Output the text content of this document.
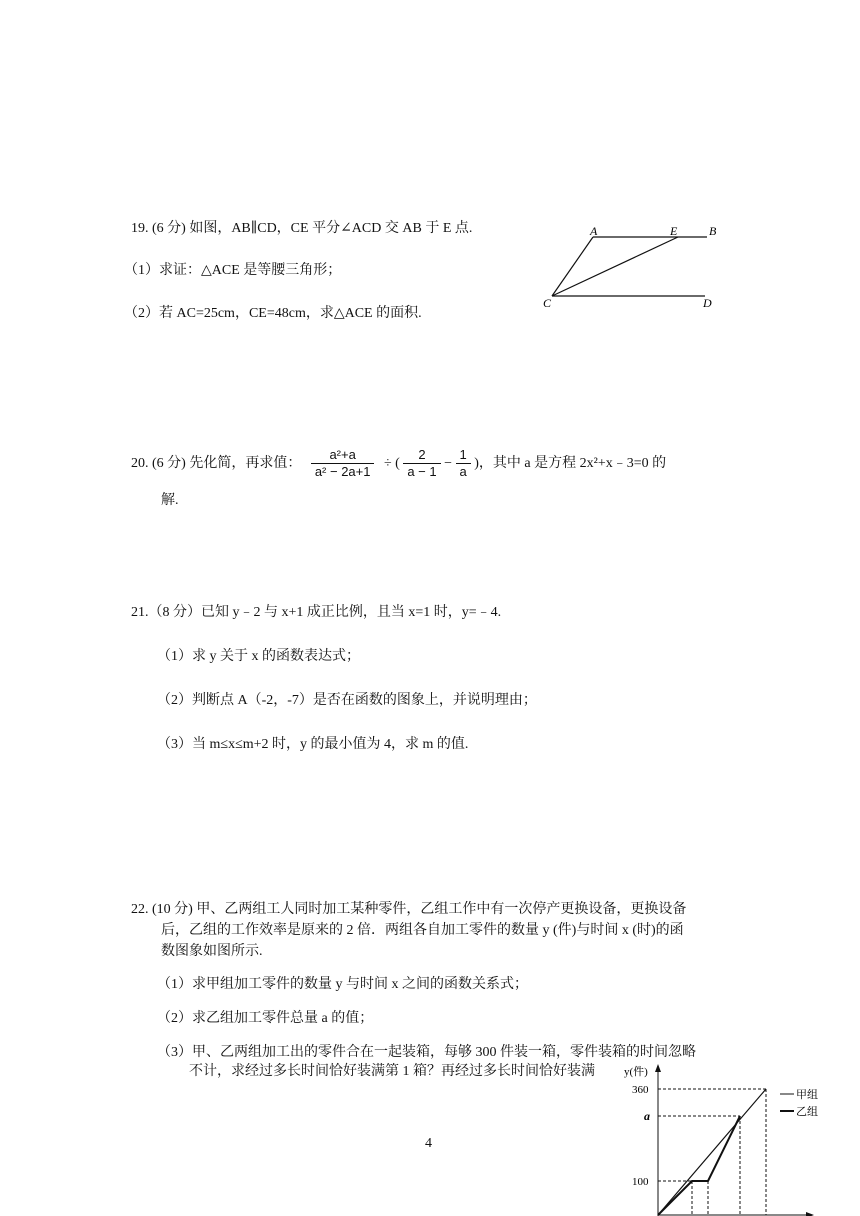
19. (6 分) 如图，AB∥CD，CE 平分∠ACD 交 AB 于 E 点.
（1）求证：△ACE 是等腰三角形；
（2）若 AC=25cm，CE=48cm，求△ACE 的面积.
A	E	B
C	D
20. (6 分) 先化简，再求值： $\frac{\text{a²+a}}{\text{a² − 2a+1}}$ ÷ ( $\frac{2}{a - 1} - \frac{1}{a}$ )，其中 a 是方程 2x²+x﹣3=0 的
解.
21.（8 分）已知 y﹣2 与 x+1 成正比例，且当 x=1 时，y=﹣4.
（1）求 y 关于 x 的函数表达式；
（2）判断点 A（-2，-7）是否在函数的图象上，并说明理由；
（3）当 m≤x≤m+2 时，y 的最小值为 4，求 m 的值.
22. (10 分) 甲、乙两组工人同时加工某种零件，乙组工作中有一次停产更换设备，更换设备
后，乙组的工作效率是原来的 2 倍．两组各自加工零件的数量 y (件)与时间 x (时)的函
数图象如图所示.
（1）求甲组加工零件的数量 y 与时间 x 之间的函数关系式；
（2）求乙组加工零件总量 a 的值；
（3）甲、乙两组加工出的零件合在一起装箱，每够 300 件装一箱，零件装箱的时间忽略
不计，求经过多长时间恰好装满第 1 箱？再经过多长时间恰好装满
4
y(件)
360
a
100
甲组
乙组
